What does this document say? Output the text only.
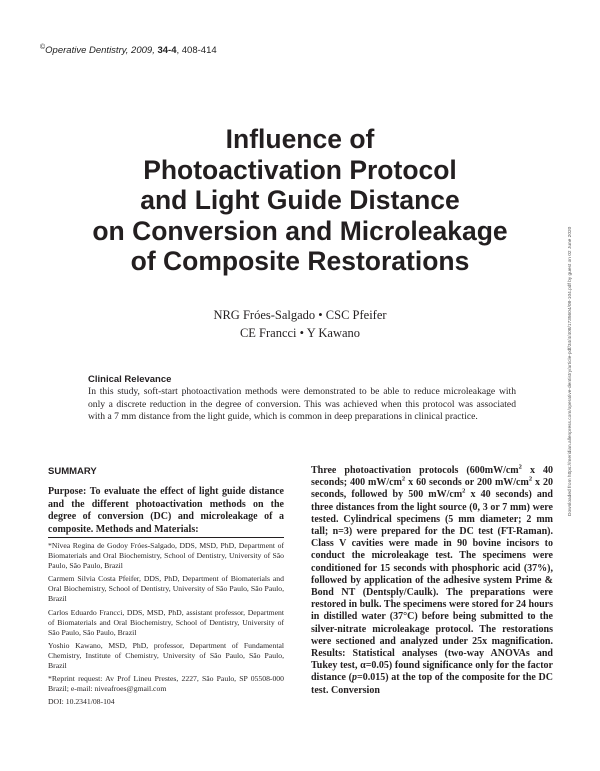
©Operative Dentistry, 2009, 34-4, 408-414
Influence of
Photoactivation Protocol
and Light Guide Distance
on Conversion and Microleakage
of Composite Restorations
NRG Fróes-Salgado • CSC Pfeifer
CE Francci • Y Kawano
Clinical Relevance
In this study, soft-start photoactivation methods were demonstrated to be able to reduce microleakage with only a discrete reduction in the degree of conversion. This was achieved when this protocol was associated with a 7 mm distance from the light guide, which is common in deep preparations in clinical practice.
SUMMARY
Purpose: To evaluate the effect of light guide distance and the different photoactivation methods on the degree of conversion (DC) and microleakage of a composite. Methods and Materials:
*Nívea Regina de Godoy Fróes-Salgado, DDS, MSD, PhD, Department of Biomaterials and Oral Biochemistry, School of Dentistry, University of São Paulo, São Paulo, Brazil
Carmem Silvia Costa Pfeifer, DDS, PhD, Department of Biomaterials and Oral Biochemistry, School of Dentistry, University of São Paulo, São Paulo, Brazil
Carlos Eduardo Francci, DDS, MSD, PhD, assistant professor, Department of Biomaterials and Oral Biochemistry, School of Dentistry, University of São Paulo, São Paulo, Brazil
Yoshio Kawano, MSD, PhD, professor, Department of Fundamental Chemistry, Institute of Chemistry, University of São Paulo, São Paulo, Brazil
*Reprint request: Av Prof Lineu Prestes, 2227, São Paulo, SP 05508-000 Brazil; e-mail: niveafroes@gmail.com
DOI: 10.2341/08-104
Three photoactivation protocols ($600mW/cm^2$ x 40 seconds; 400 $mW/cm^2$ x 60 seconds or 200 $mW/cm^2$ x 20 seconds, followed by 500 $mW/cm^2$ x 40 seconds) and three distances from the light source (0, 3 or 7 mm) were tested. Cylindrical specimens (5 mm diameter; 2 mm tall; n=3) were prepared for the DC test (FT-Raman). Class V cavities were made in 90 bovine incisors to conduct the microleakage test. The specimens were conditioned for 15 seconds with phosphoric acid (37%), followed by application of the adhesive system Prime & Bond NT (Dentsply/Caulk). The preparations were restored in bulk. The specimens were stored for 24 hours in distilled water (37°C) before being submitted to the silver-nitrate microleakage protocol. The restorations were sectioned and analyzed under 25x magnification. Results: Statistical analyses (two-way ANOVAs and Tukey test, α=0.05) found significance only for the factor distance (p=0.015) at the top of the composite for the DC test. Conversion
Downloaded from https://meridian.allenpress.com/operative-dentistry/article-pdf/34/4/408/1735604/08-104.pdf by guest on 02 June 2020
